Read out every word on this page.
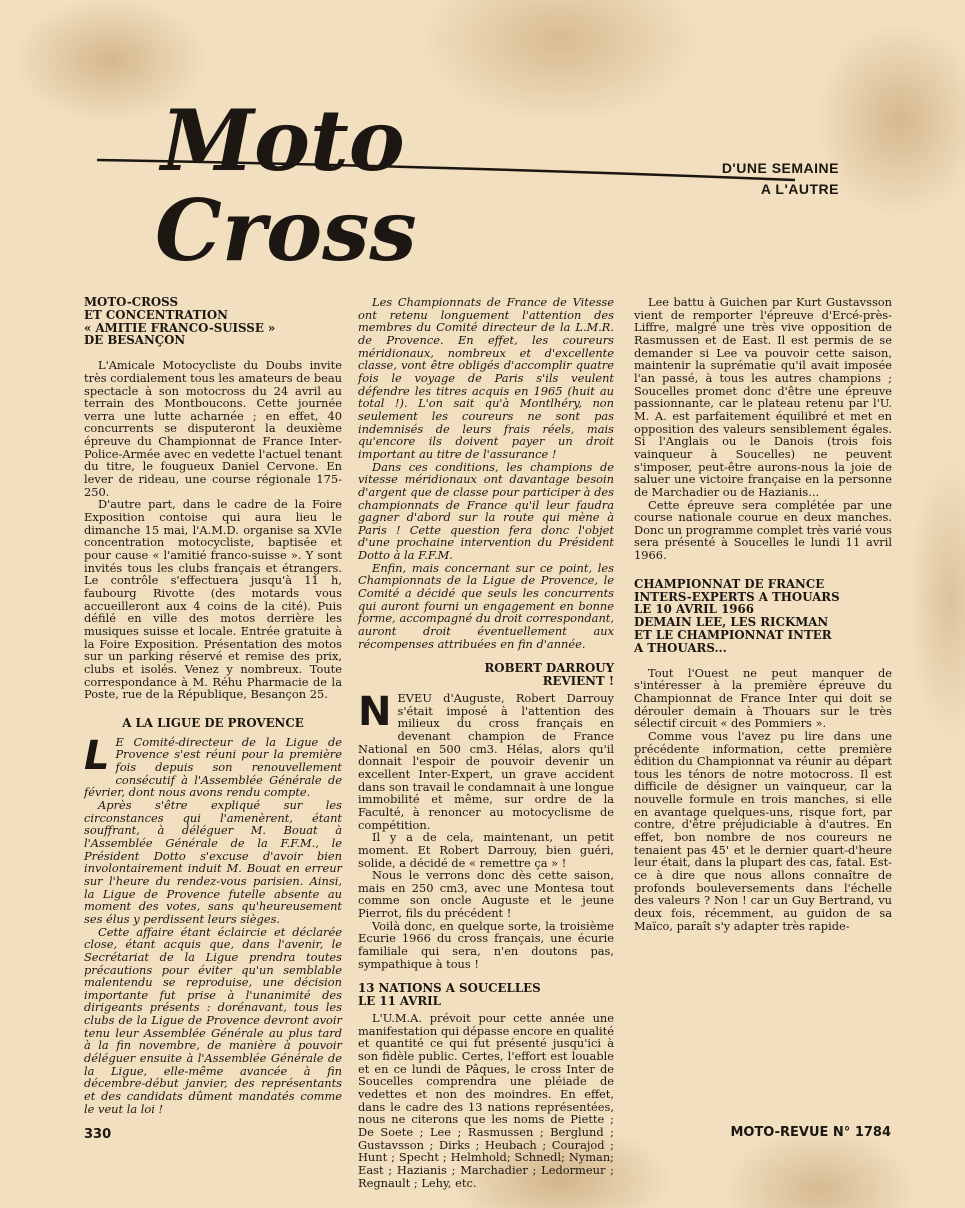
Moto
Cross
D'UNE SEMAINE
A L'AUTRE

MOTO-CROSS

ET CONCENTRATION

« AMITIE FRANCO-SUISSE »

DE BESANÇON

L'Amicale Motocycliste du Doubs invite très cordialement tous les amateurs de beau spectacle à son motocross du 24 avril au terrain des Montboucons. Cette journée verra une lutte acharnée ; en effet, 40 concurrents se disputeront la deuxième épreuve du Championnat de France Inter-Police-Armée avec en vedette l'actuel tenant du titre, le fougueux Daniel Cervone. En lever de rideau, une course régionale 175-250.

D'autre part, dans le cadre de la Foire Exposition contoise qui aura lieu le dimanche 15 mai, l'A.M.D. organise sa XVIe concentration motocycliste, baptisée et pour cause « l'amitié franco-suisse ». Y sont invités tous les clubs français et étrangers. Le contrôle s'effectuera jusqu'à 11 h, faubourg Rivotte (des motards vous accueilleront aux 4 coins de la cité). Puis défilé en ville des motos derrière les musiques suisse et locale. Entrée gratuite à la Foire Exposition. Présentation des motos sur un parking réservé et remise des prix, clubs et isolés. Venez y nombreux. Toute correspondance à M. Réhu Pharmacie de la Poste, rue de la République, Besançon 25.

A LA LIGUE DE PROVENCE

L E Comité-directeur de la Ligue de Provence s'est réuni pour la première fois depuis son renouvellement consécutif à l'Assemblée Générale de février, dont nous avons rendu compte.

Après s'être expliqué sur les circonstances qui l'amenèrent, étant souffrant, à déléguer M. Bouat à l'Assemblée Générale de la F.F.M., le Président Dotto s'excuse d'avoir bien involontairement induit M. Bouat en erreur sur l'heure du rendez-vous parisien. Ainsi, la Ligue de Provence futelle absente au moment des votes, sans qu'heureusement ses élus y perdissent leurs sièges.

Cette affaire étant éclaircie et déclarée close, étant acquis que, dans l'avenir, le Secrétariat de la Ligue prendra toutes précautions pour éviter qu'un semblable malentendu se reproduise, une décision importante fut prise à l'unanimité des dirigeants présents : dorénavant, tous les clubs de la Ligue de Provence devront avoir tenu leur Assemblée Générale au plus tard à la fin novembre, de manière à pouvoir déléguer ensuite à l'Assemblée Générale de la Ligue, elle-même avancée à fin décembre-début janvier, des représentants et des candidats dûment mandatés comme le veut la loi !

Les Championnats de France de Vitesse ont retenu longuement l'attention des membres du Comité directeur de la L.M.R. de Provence. En effet, les coureurs méridionaux, nombreux et d'excellente classe, vont être obligés d'accomplir quatre fois le voyage de Paris s'ils veulent défendre les titres acquis en 1965 (huit au total !). L'on sait qu'à Montlhéry, non seulement les coureurs ne sont pas indemnisés de leurs frais réels, mais qu'encore ils doivent payer un droit important au titre de l'assurance !

Dans ces conditions, les champions de vitesse méridionaux ont davantage besoin d'argent que de classe pour participer à des championnats de France qu'il leur faudra gagner d'abord sur la route qui mène à Paris ! Cette question fera donc l'objet d'une prochaine intervention du Président Dotto à la F.F.M.

Enfin, mais concernant sur ce point, les Championnats de la Ligue de Provence, le Comité a décidé que seuls les concurrents qui auront fourni un engagement en bonne forme, accompagné du droit correspondant, auront droit éventuellement aux récompenses attribuées en fin d'année.

ROBERT DARROUY

REVIENT !

NEVEU d'Auguste, Robert Darrouy s'était imposé à l'attention des milieux du cross français en devenant champion de France National en 500 cm3. Hélas, alors qu'il donnait l'espoir de pouvoir devenir un excellent Inter-Expert, un grave accident dans son travail le condamnait à une longue immobilité et même, sur ordre de la Faculté, à renoncer au motocyclisme de compétition.

Il y a de cela, maintenant, un petit moment. Et Robert Darrouy, bien guéri, solide, a décidé de « remettre ça » !

Nous le verrons donc dès cette saison, mais en 250 cm3, avec une Montesa tout comme son oncle Auguste et le jeune Pierrot, fils du précédent !

Voilà donc, en quelque sorte, la troisième Ecurie 1966 du cross français, une écurie familiale qui sera, n'en doutons pas, sympathique à tous !

13 NATIONS A SOUCELLES

LE 11 AVRIL

L'U.M.A. prévoit pour cette année une manifestation qui dépasse encore en qualité et quantité ce qui fut présenté jusqu'ici à son fidèle public. Certes, l'effort est louable et en ce lundi de Pâques, le cross Inter de Soucelles comprendra une pléiade de vedettes et non des moindres. En effet, dans le cadre des 13 nations représentées, nous ne citerons que les noms de Piette ; De Soete ; Lee ; Rasmussen ; Berglund ; Gustavsson ; Dirks ; Heubach ; Courajod ; Hunt ; Specht ; Helmhold; Schnedl; Nyman; East ; Hazianis ; Marchadier ; Ledormeur ; Regnault ; Lehy, etc.

Lee battu à Guichen par Kurt Gustavsson vient de remporter l'épreuve d'Ercé-près-Liffre, malgré une très vive opposition de Rasmussen et de East. Il est permis de se demander si Lee va pouvoir cette saison, maintenir la suprématie qu'il avait imposée l'an passé, à tous les autres champions ; Soucelles promet donc d'être une épreuve passionnante, car le plateau retenu par l'U. M. A. est parfaitement équilibré et met en opposition des valeurs sensiblement égales. Si l'Anglais ou le Danois (trois fois vainqueur à Soucelles) ne peuvent s'imposer, peut-être aurons-nous la joie de saluer une victoire française en la personne de Marchadier ou de Hazianis...

Cette épreuve sera complétée par une course nationale courue en deux manches. Donc un programme complet très varié vous sera présenté à Soucelles le lundi 11 avril 1966.

CHAMPIONNAT DE FRANCE

INTERS-EXPERTS A THOUARS

LE 10 AVRIL 1966

DEMAIN LEE, LES RICKMAN

ET LE CHAMPIONNAT INTER

A THOUARS...

Tout l'Ouest ne peut manquer de s'intéresser à la première épreuve du Championnat de France Inter qui doit se dérouler demain à Thouars sur le très sélectif circuit « des Pommiers ».

Comme vous l'avez pu lire dans une précédente information, cette première édition du Championnat va réunir au départ tous les ténors de notre motocross. Il est difficile de désigner un vainqueur, car la nouvelle formule en trois manches, si elle en avantage quelques-uns, risque fort, par contre, d'être préjudiciable à d'autres. En effet, bon nombre de nos coureurs ne tenaient pas 45' et le dernier quart-d'heure leur était, dans la plupart des cas, fatal. Est-ce à dire que nous allons connaître de profonds bouleversements dans l'échelle des valeurs ? Non ! car un Guy Bertrand, vu deux fois, récemment, au guidon de sa Maïco, paraît s'y adapter très rapide-

330	MOTO-REVUE N° 1784
